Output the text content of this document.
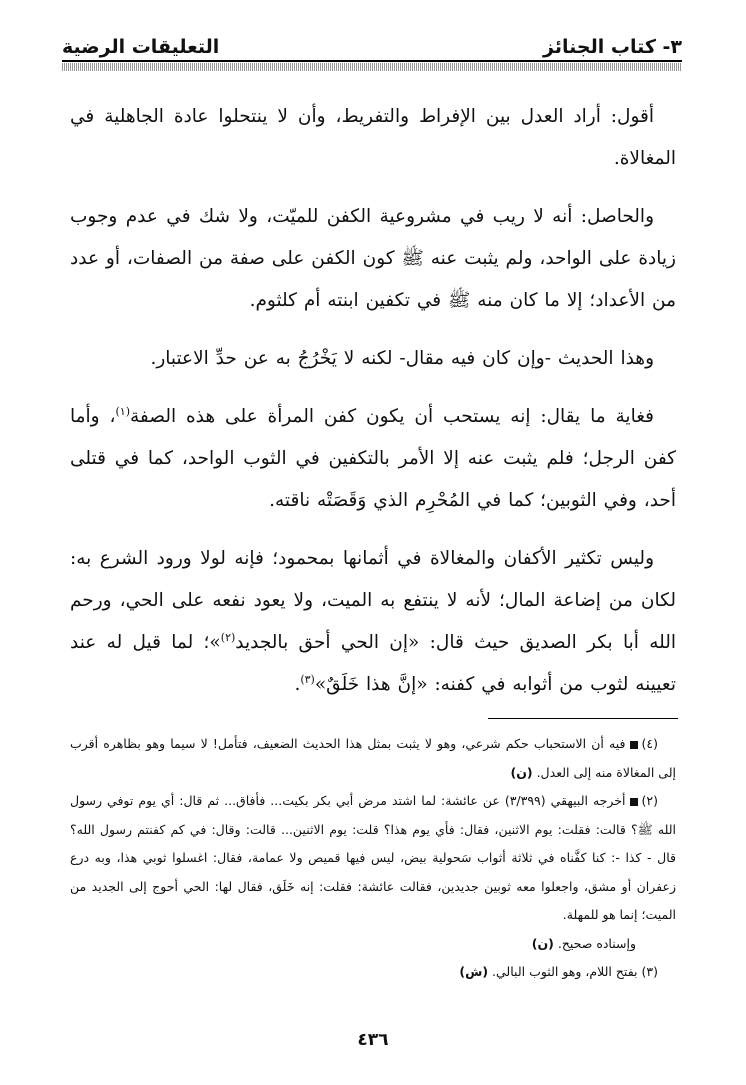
٣- كتاب الجنائز
التعليقات الرضية

أقول: أراد العدل بين الإفراط والتفريط، وأن لا ينتحلوا عادة الجاهلية في المغالاة.

والحاصل: أنه لا ريب في مشروعية الكفن للميّت، ولا شك في عدم وجوب زيادة على الواحد، ولم يثبت عنه ﷺ كون الكفن على صفة من الصفات، أو عدد من الأعداد؛ إلا ما كان منه ﷺ في تكفين ابنته أم كلثوم.

وهذا الحديث -وإن كان فيه مقال- لكنه لا يَخْرُجُ به عن حدِّ الاعتبار.

فغاية ما يقال: إنه يستحب أن يكون كفن المرأة على هذه الصفة$^{(١)}$، وأما كفن الرجل؛ فلم يثبت عنه إلا الأمر بالتكفين في الثوب الواحد، كما في قتلى أحد، وفي الثوبين؛ كما في المُحْرِم الذي وَقَصَتْه ناقته.

وليس تكثير الأكفان والمغالاة في أثمانها بمحمود؛ فإنه لولا ورود الشرع به: لكان من إضاعة المال؛ لأنه لا ينتفع به الميت، ولا يعود نفعه على الحي، ورحم الله أبا بكر الصديق حيث قال: «إن الحي أحق بالجديد$^{(٢)}$»؛ لما قيل له عند تعيينه لثوب من أثوابه في كفنه: «إنَّ هذا خَلَقٌ»$^{(٣)}$.

(٤)فيه أن الاستحباب حكم شرعي، وهو لا يثبت بمثل هذا الحديث الضعيف، فتأمل! لا سيما وهو بظاهره أقرب إلى المغالاة منه إلى العدل. (ن)

(٢)أخرجه البيهقي (٣/٣٩٩) عن عائشة: لما اشتد مرض أبي بكر بكيت... فأفاق... ثم قال: أي يوم توفي رسول الله ﷺ؟ قالت: فقلت: يوم الاثنين، فقال: فأي يوم هذا؟ قلت: يوم الاثنين... قالت: وقال: في كم كفنتم رسول الله؟ قال - كذا -: كنا كفَّناه في ثلاثة أثواب سَحولية بيض، ليس فيها قميص ولا عمامة، فقال: اغسلوا ثوبي هذا، وبه درع زعفران أو مشق، واجعلوا معه ثوبين جديدين، فقالت عائشة: فقلت: إنه خَلَق، فقال لها: الحي أحوج إلى الجديد من الميت؛ إنما هو للمهلة.

وإسناده صحيح. (ن)

(٣) بفتح اللام، وهو الثوب البالي. (ش)

٤٣٦
